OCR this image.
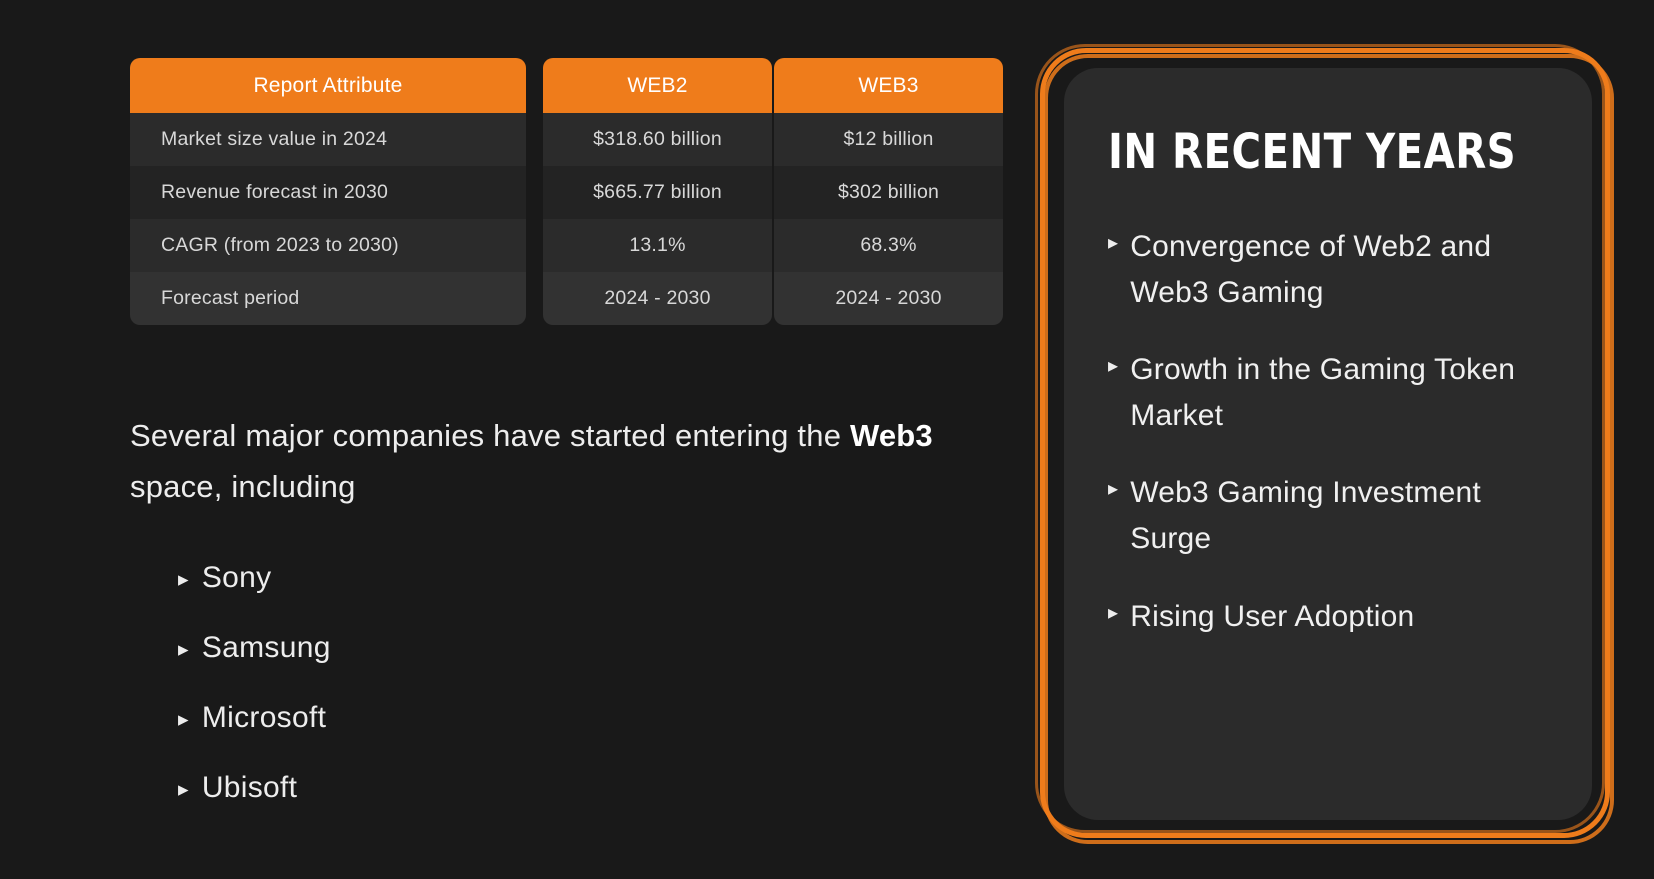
Report Attribute
Market size value in 2024
Revenue forecast in 2030
CAGR (from 2023 to 2030)
Forecast period
WEB2
$318.60 billion
$665.77 billion
13.1%
2024 - 2030
WEB3
$12 billion
$302 billion
68.3%
2024 - 2030
Several major companies have started entering the Web3 space, including
▸ Sony
▸ Samsung
▸ Microsoft
▸ Ubisoft
IN RECENT YEARS
▸ Convergence of Web2 and Web3 Gaming
▸ Growth in the Gaming Token Market
▸ Web3 Gaming Investment Surge
▸ Rising User Adoption
